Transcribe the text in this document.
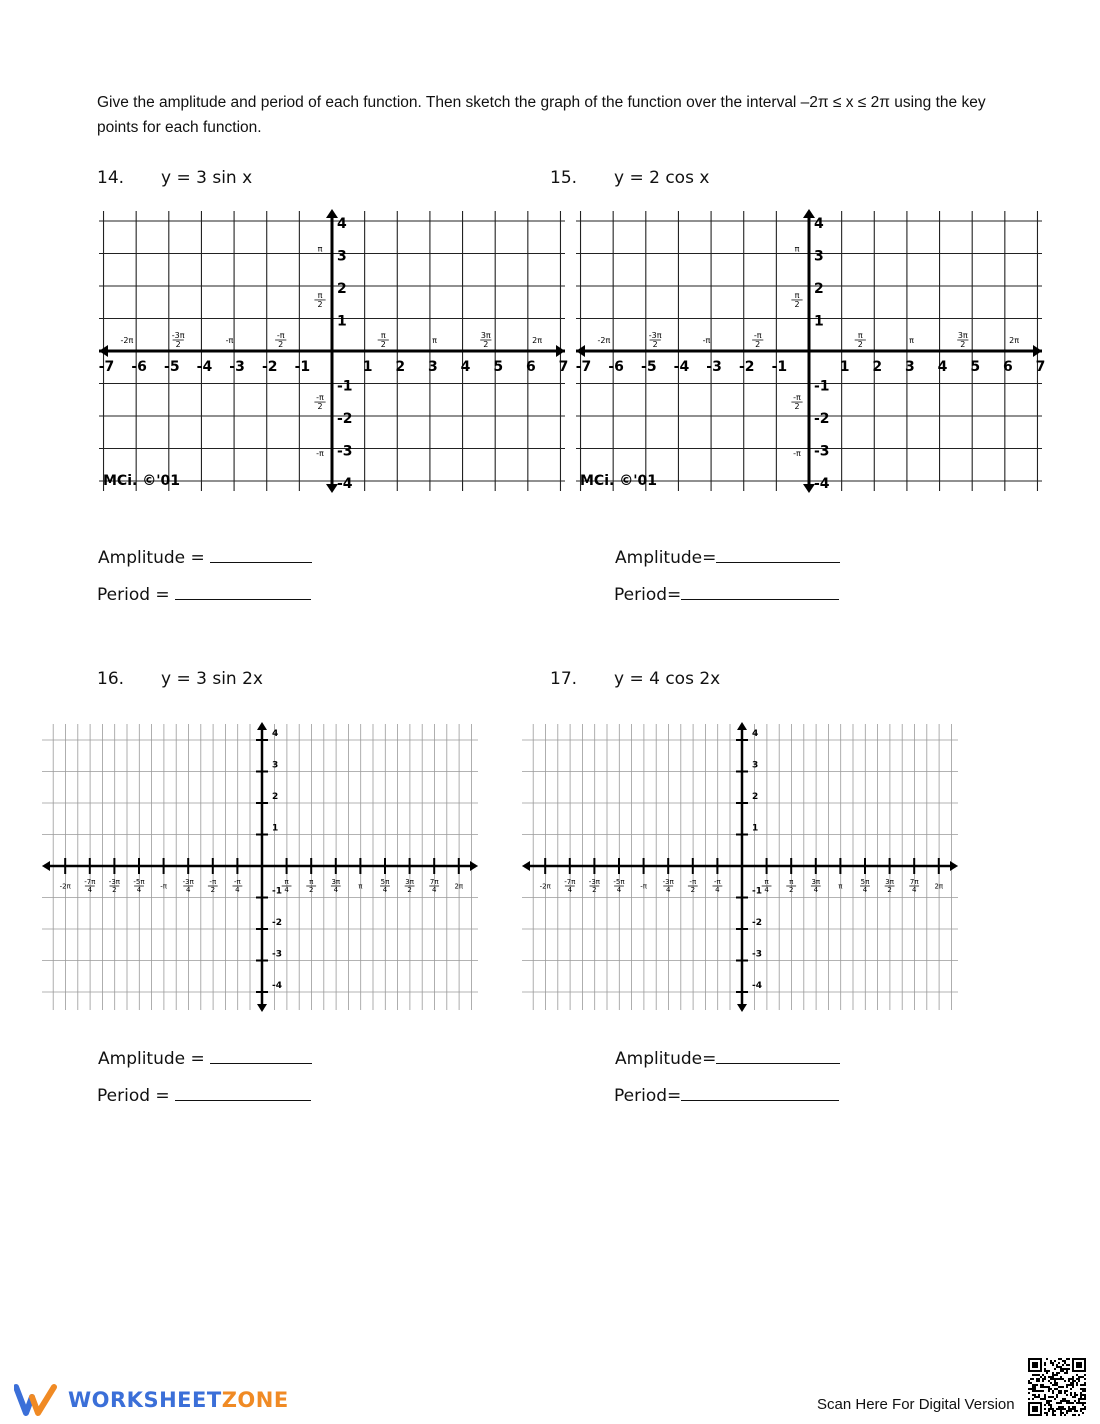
Give the amplitude and period of each function. Then sketch the graph of the function over the interval –2π ≤ x ≤ 2π using the key points for each function.
14. y = 3 sin x	15. y = 2 cos x
16. y = 3 sin 2x	17. y = 4 cos 2x
-7 -6 -5 -4 -3 -2 -1	1 2 3 4 5 6 7
4
3
2
1
-1
-2
-3
-4
-2π
-3π
2	-π
-π
2
π
2	π
3π
2	2π
π
π
2
-π
2
-π
MCi. ©'01
-7 -6 -5 -4 -3 -2 -1	1 2 3 4 5 6 7
4
3
2
1
-1
-2
-3
-4
-2π
-3π
2	-π
-π
2
π
2	π
3π
2	2π
π
π
2
-π
2
-π
MCi. ©'01
-2π
-7π
4
-3π
2
-5π
4	-π
-3π
4
-π
2
-π
4
π
4
π
2
3π
4	π
5π
4
3π
2
7π
4	2π
4
3
2
1
-1
-2
-3
-4
-2π
-7π
4
-3π
2
-5π
4	-π
-3π
4
-π
2
-π
4
π
4
π
2
3π
4	π
5π
4
3π
2
7π
4	2π
4
3
2
1
-1
-2
-3
-4
Amplitude =
Period =
Amplitude=
Period=
Amplitude =
Period =
Amplitude=
Period=
WORKSHEETZONE	Scan Here For Digital Version
